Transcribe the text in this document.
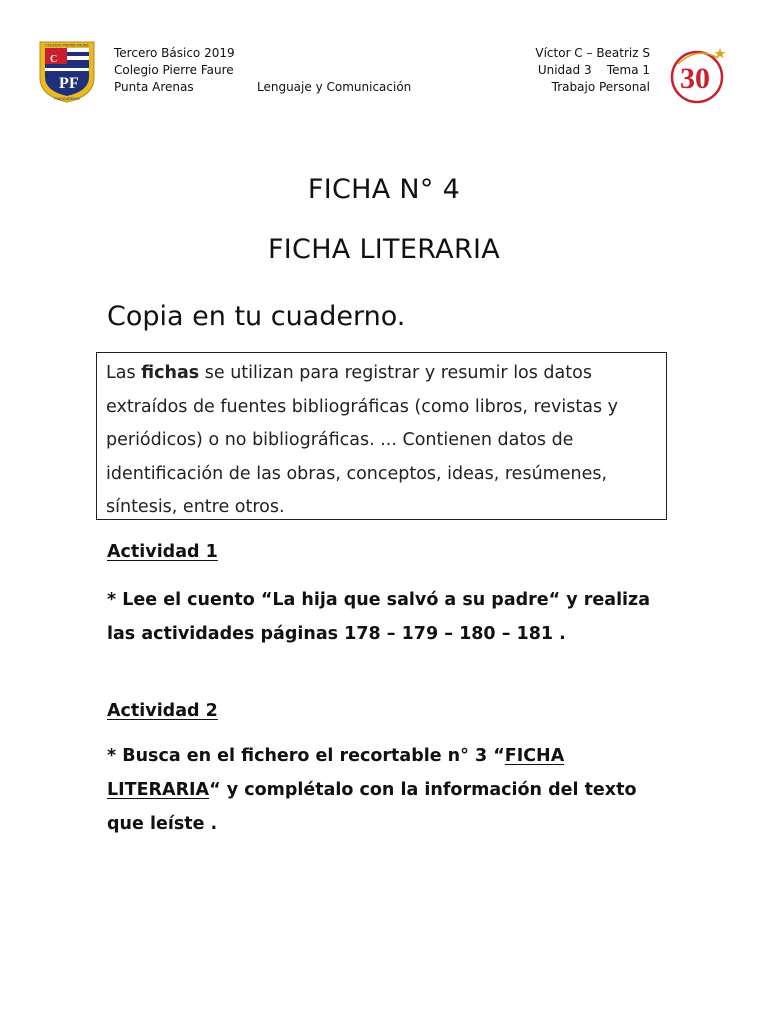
C
P F
COLEGIO PIERRE FAURE
PUNTA ARENAS
Tercero Básico 2019
Colegio Pierre Faure
Punta Arenas	Lenguaje y Comunicación
Víctor C – Beatriz S
Unidad 3    Tema 1
Trabajo Personal 30
FICHA N° 4
FICHA LITERARIA
Copia en tu cuaderno.
Las fichas se utilizan para registrar y resumir los datos extraídos de fuentes bibliográficas (como libros, revistas y periódicos) o no bibliográficas. ... Contienen datos de identificación de las obras, conceptos, ideas, resúmenes, síntesis, entre otros.
Actividad 1
* Lee el cuento “La hija que salvó a su padre“ y realiza las actividades páginas 178 – 179 – 180 – 181 .
Actividad 2
* Busca en el fichero el recortable n° 3 “FICHA LITERARIA“ y complétalo con la información del texto que leíste .
